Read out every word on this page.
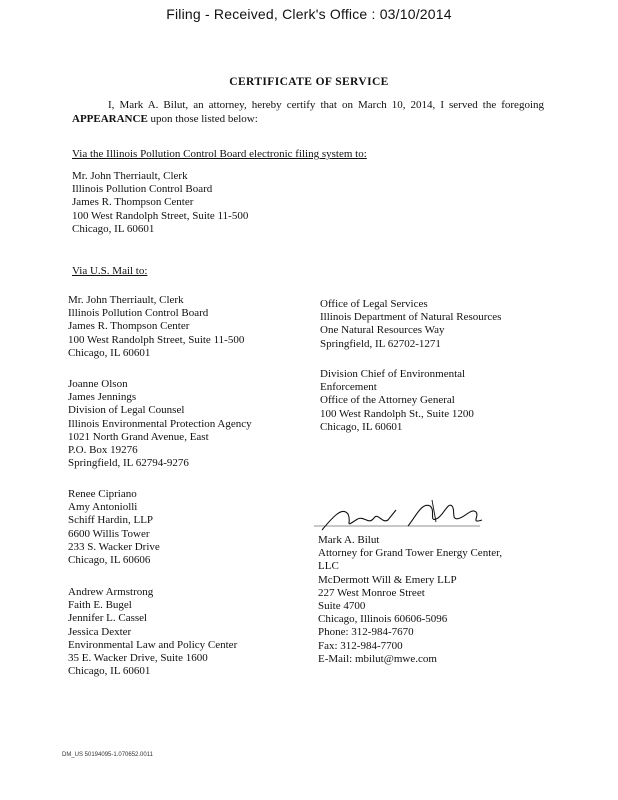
Filing - Received, Clerk's Office : 03/10/2014
CERTIFICATE OF SERVICE
I, Mark A. Bilut, an attorney, hereby certify that on March 10, 2014, I served the foregoing APPEARANCE upon those listed below:
Via the Illinois Pollution Control Board electronic filing system to:
Mr. John Therriault, Clerk
Illinois Pollution Control Board
James R. Thompson Center
100 West Randolph Street, Suite 11-500
Chicago, IL 60601
Via U.S. Mail to:
Mr. John Therriault, Clerk
Illinois Pollution Control Board
James R. Thompson Center
100 West Randolph Street, Suite 11-500
Chicago, IL 60601
Joanne Olson
James Jennings
Division of Legal Counsel
Illinois Environmental Protection Agency
1021 North Grand Avenue, East
P.O. Box 19276
Springfield, IL 62794-9276
Renee Cipriano
Amy Antoniolli
Schiff Hardin, LLP
6600 Willis Tower
233 S. Wacker Drive
Chicago, IL 60606
Andrew Armstrong
Faith E. Bugel
Jennifer L. Cassel
Jessica Dexter
Environmental Law and Policy Center
35 E. Wacker Drive, Suite 1600
Chicago, IL 60601
Office of Legal Services
Illinois Department of Natural Resources
One Natural Resources Way
Springfield, IL 62702-1271
Division Chief of Environmental
Enforcement
Office of the Attorney General
100 West Randolph St., Suite 1200
Chicago, IL 60601
Mark A. Bilut
Attorney for Grand Tower Energy Center,
LLC
McDermott Will & Emery LLP
227 West Monroe Street
Suite 4700
Chicago, Illinois 60606-5096
Phone: 312-984-7670
Fax: 312-984-7700
E-Mail: mbilut@mwe.com
DM_US 50194095-1.070652.0011
